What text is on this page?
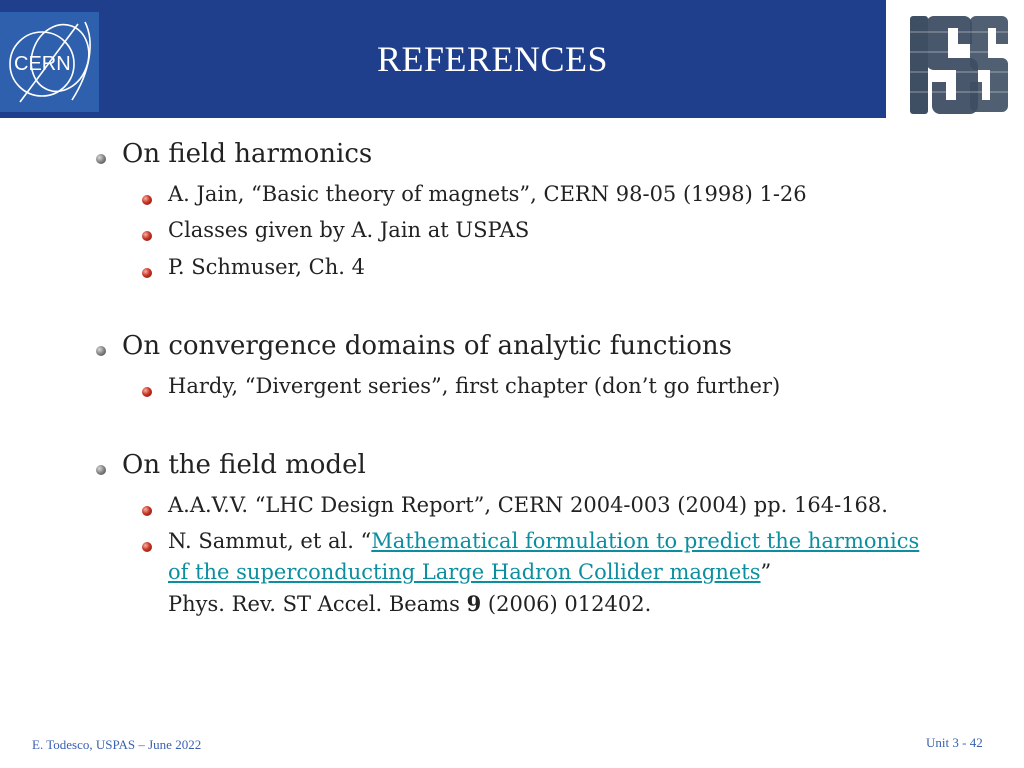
CERN	REFERENCES
On field harmonics
A. Jain, “Basic theory of magnets”, CERN 98-05 (1998) 1-26
Classes given by A. Jain at USPAS
P. Schmuser, Ch. 4
On convergence domains of analytic functions
Hardy, “Divergent series”, first chapter (don’t go further)
On the field model
A.A.V.V. “LHC Design Report”, CERN 2004-003 (2004) pp. 164-168.
N. Sammut, et al. “Mathematical formulation to predict the harmonics
of the superconducting Large Hadron Collider magnets”
Phys. Rev. ST Accel. Beams 9 (2006) 012402.
E. Todesco, USPAS – June 2022	Unit 3 - 42
